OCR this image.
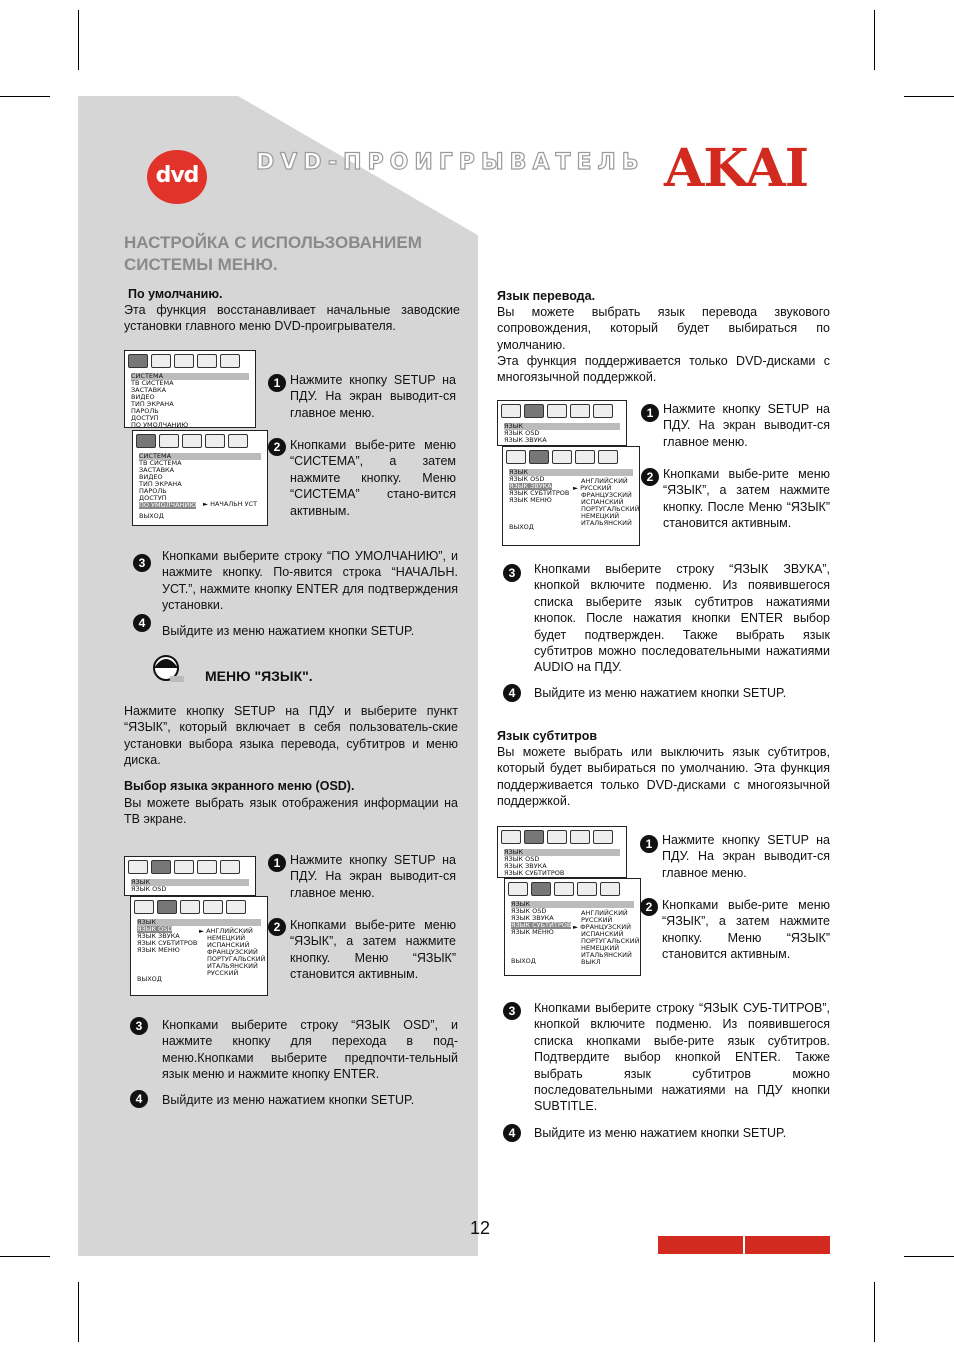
dvd
DVD-ПРОИГРЫВАТЕЛЬ AKAI
НАСТРОЙКА С ИСПОЛЬЗОВАНИЕМ СИСТЕМЫ МЕНЮ.
По умолчанию.
Эта функция восстанавливает начальные заводские установки главного меню DVD-проигрывателя.
СИСТЕМА
ТВ СИСТЕМА
ЗАСТАВКА
ВИДЕО
ТИП ЭКРАНА
ПАРОЛЬ
ДОСТУП
ПО УМОЛЧАНИЮ
СИСТЕМА
ТВ СИСТЕМА
ЗАСТАВКА
ВИДЕО
ТИП ЭКРАНА
ПАРОЛЬ
ДОСТУП
ПО УМОЛЧАНИЮ
ВЫХОД
► НАЧАЛЬН УСТ
1 Нажмите кнопку SETUP на ПДУ. На экран выводит-ся главное меню.
2 Кнопками выбе-рите меню “СИСТЕМА”, а затем нажмите кнопку. Меню “СИСТЕМА” стано-вится активным.
3	Кнопками выберите строку “ПО УМОЛЧАНИЮ”, и нажмите кнопку. По-явится строка “НАЧАЛЬН. УСТ.”, нажмите кнопку ENTER для подтверждения установки.
4
Выйдите из меню нажатием кнопки SETUP.
МЕНЮ "ЯЗЫК".
Нажмите кнопку SETUP на ПДУ и выберите пункт “ЯЗЫК”, который включает в себя пользователь-ские установки выбора языка перевода, субтитров и меню диска.
Выбор языка экранного меню (OSD).
Вы можете выбрать язык отображения информации на ТВ экране.
ЯЗЫК
ЯЗЫК OSD
ЯЗЫК
ЯЗЫК OSD
ЯЗЫК ЗВУКА
ЯЗЫК СУБТИТРОВ
ЯЗЫК МЕНЮ
ВЫХОД
► АНГЛИЙСКИЙ
НЕМЕЦКИЙ
ИСПАНСКИЙ
ФРАНЦУЗСКИЙ
ПОРТУГАЛЬСКИЙ
ИТАЛЬЯНСКИЙ
РУССКИЙ
1 Нажмите кнопку SETUP на ПДУ. На экран выводит-ся главное меню.
2 Кнопками выбе-рите меню “ЯЗЫК”, а затем нажмите кнопку. Меню “ЯЗЫК” становится активным.
3	Кнопками выберите строку “ЯЗЫК OSD”, и нажмите кнопку для перехода в под-меню.Кнопками выберите предпочти-тельный язык меню и нажмите кнопку ENTER.
4	Выйдите из меню нажатием кнопки SETUP.
Язык перевода.
Вы можете выбрать язык перевода звукового сопровождения, который будет выбираться по умолчанию.
Эта функция поддерживается только DVD-дисками с многоязычной поддержкой.
ЯЗЫК
ЯЗЫК OSD
ЯЗЫК ЗВУКА
ЯЗЫК
ЯЗЫК OSD
ЯЗЫК ЗВУКА
ЯЗЫК СУБТИТРОВ
ЯЗЫК МЕНЮ
ВЫХОД
АНГЛИЙСКИЙ
► РУССКИЙ
ФРАНЦУЗСКИЙ
ИСПАНСКИЙ
ПОРТУГАЛЬСКИЙ
НЕМЕЦКИЙ
ИТАЛЬЯНСКИЙ
1 Нажмите кнопку SETUP на ПДУ. На экран выводит-ся главное меню.
2 Кнопками выбе-рите меню “ЯЗЫК”, а затем нажмите кнопку. После Меню “ЯЗЫК” становится активным.
3	Кнопками выберите строку “ЯЗЫК ЗВУКА”, кнопкой включите подменю. Из появившегося списка выберите язык субтитров нажатиями кнопок. После нажатия кнопки ENTER выбор будет подтвержден. Также выбрать язык субтитров можно последовательными нажатиями AUDIO на ПДУ.
4	Выйдите из меню нажатием кнопки SETUP.
Язык субтитров
Вы можете выбрать или выключить язык субтитров, который будет выбираться по умолчанию. Эта функция поддерживается только DVD-дисками с многоязычной поддержкой.
ЯЗЫК
ЯЗЫК OSD
ЯЗЫК ЗВУКА
ЯЗЫК СУБТИТРОВ
ЯЗЫК
ЯЗЫК OSD
ЯЗЫК ЗВУКА
ЯЗЫК СУБТИТРОВ
ЯЗЫК МЕНЮ
ВЫХОД
АНГЛИЙСКИЙ
РУССКИЙ
► ФРАНЦУЗСКИЙ
ИСПАНСКИЙ
ПОРТУГАЛЬСКИЙ
НЕМЕЦКИЙ
ИТАЛЬЯНСКИЙ
ВЫКЛ
1 Нажмите кнопку SETUP на ПДУ. На экран выводит-ся главное меню.
2 Кнопками выбе-рите меню “ЯЗЫК”, а затем нажмите кнопку. Меню “ЯЗЫК” становится активным.
3	Кнопками выберите строку “ЯЗЫК СУБ-ТИТРОВ”, кнопкой включите подменю. Из появившегося списка кнопками выбе-рите язык субтитров. Подтвердите выбор кнопкой ENTER. Также выбрать язык субтитров можно последовательными нажатиями на ПДУ кнопки SUBTITLE.
4	Выйдите из меню нажатием кнопки SETUP.
12
